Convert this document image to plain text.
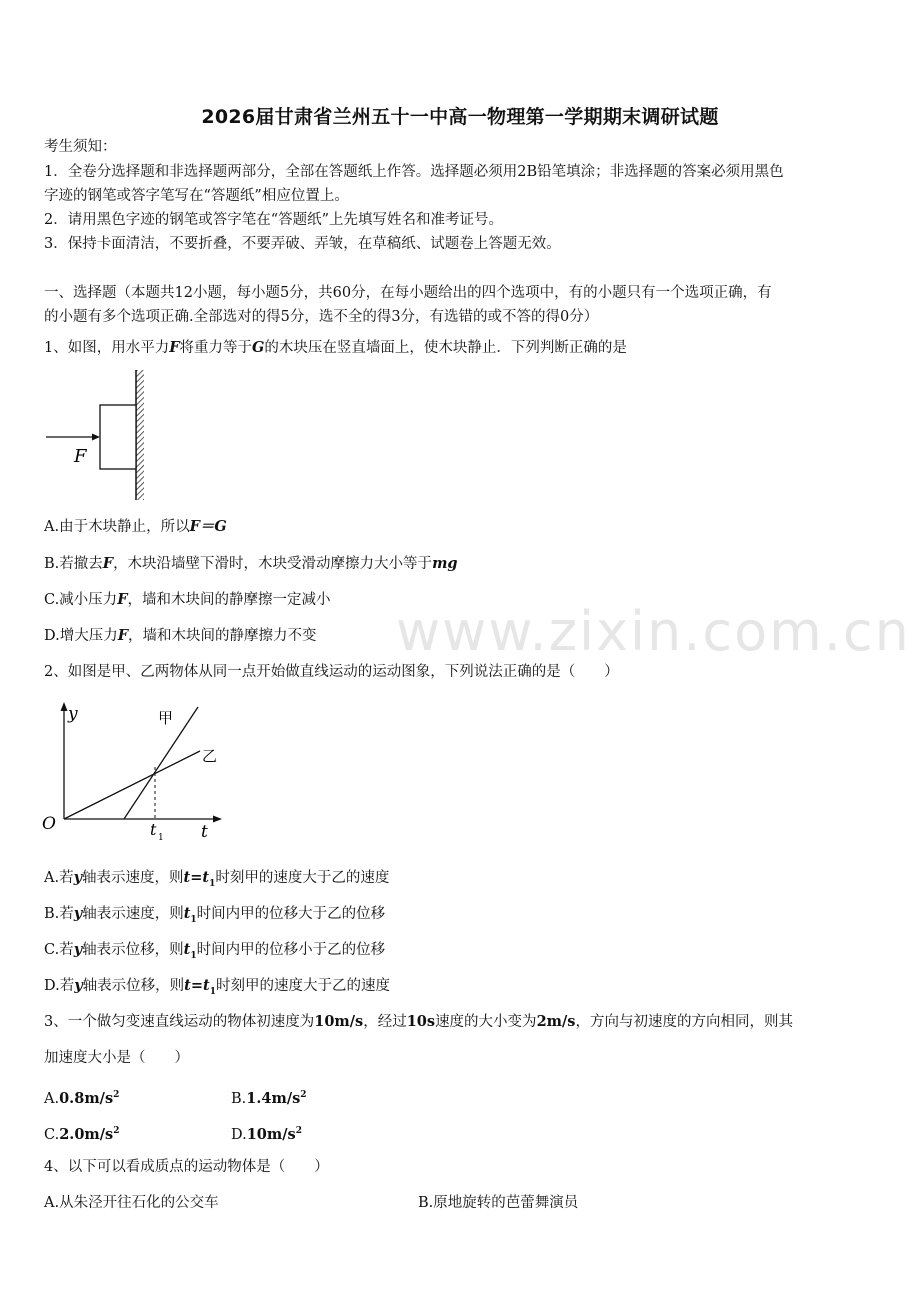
www.zixin.com.cn
2026届甘肃省兰州五十一中高一物理第一学期期末调研试题
考生须知：
1．全卷分选择题和非选择题两部分，全部在答题纸上作答。选择题必须用2B铅笔填涂；非选择题的答案必须用黑色
字迹的钢笔或答字笔写在“答题纸”相应位置上。
2．请用黑色字迹的钢笔或答字笔在“答题纸”上先填写姓名和准考证号。
3．保持卡面清洁，不要折叠，不要弄破、弄皱，在草稿纸、试题卷上答题无效。
一、选择题（本题共12小题，每小题5分，共60分，在每小题给出的四个选项中，有的小题只有一个选项正确，有
的小题有多个选项正确.全部选对的得5分，选不全的得3分，有选错的或不答的得0分）
1、如图，用水平力F将重力等于G的木块压在竖直墙面上，使木块静止．下列判断正确的是
F
A.由于木块静止，所以F＝G
B.若撤去F，木块沿墙壁下滑时，木块受滑动摩擦力大小等于mg
C.减小压力F，墙和木块间的静摩擦一定减小
D.增大压力F，墙和木块间的静摩擦力不变
2、如图是甲、乙两物体从同一点开始做直线运动的运动图象，下列说法正确的是（　　）
y
O	t
t 1
甲
乙
A.若y轴表示速度，则$t=t_1$时刻甲的速度大于乙的速度
B.若y轴表示速度，则$t_1$时间内甲的位移大于乙的位移
C.若y轴表示位移，则$t_1$时间内甲的位移小于乙的位移
D.若y轴表示位移，则$t=t_1$时刻甲的速度大于乙的速度
3、一个做匀变速直线运动的物体初速度为10m/s，经过10s速度的大小变为2m/s，方向与初速度的方向相同，则其
加速度大小是（　　）
$A.0.8m/s^2$	$B.1.4m/s^2$
$C.2.0m/s^2$	$D.10m/s^2$
4、以下可以看成质点的运动物体是（　　）
A.从朱泾开往石化的公交车	B.原地旋转的芭蕾舞演员
